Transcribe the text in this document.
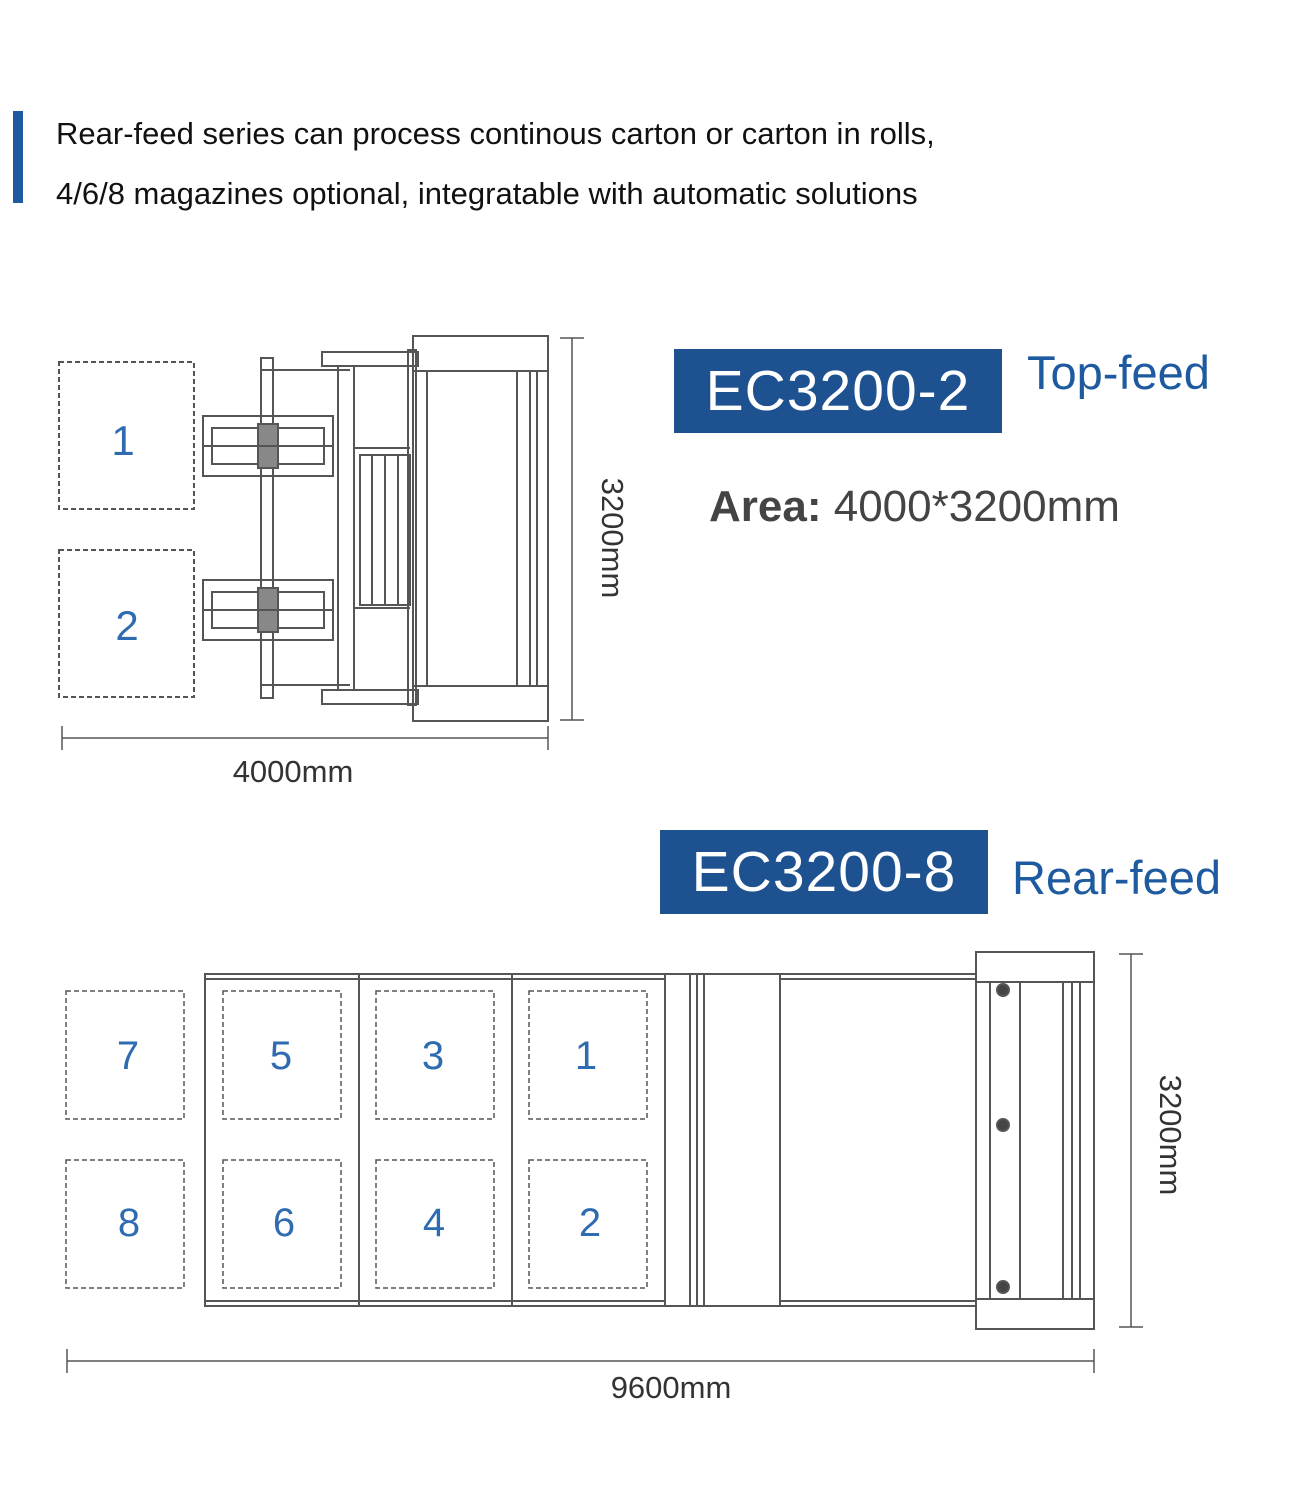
Rear-feed series can process continous carton or carton in rolls,
4/6/8 magazines optional, integratable with automatic solutions
1
2
4000mm
3200mm
7
8
5
6
3
4
1
2
9600mm
3200mm
EC3200-2	Top-feed
Area: 4000*3200mm
EC3200-8	Rear-feed
